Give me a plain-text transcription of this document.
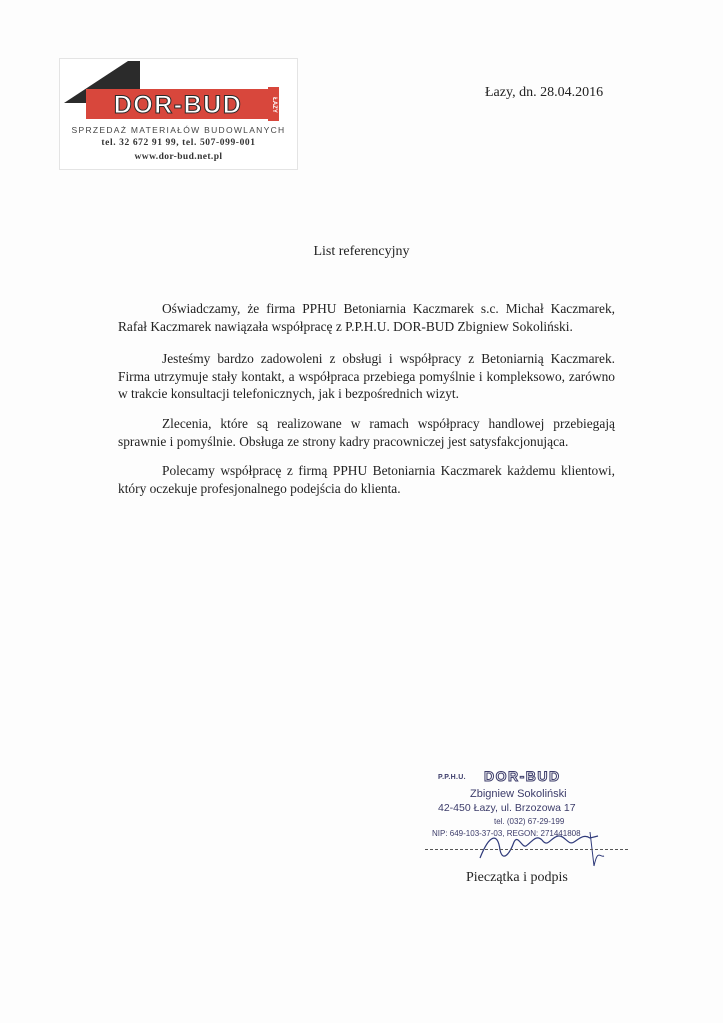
DOR-BUD	ŁAZY
SPRZEDAŻ MATERIAŁÓW BUDOWLANYCH
tel. 32 672 91 99, tel. 507-099-001
www.dor-bud.net.pl
Łazy, dn. 28.04.2016
List referencyjny

Oświadczamy, że firma PPHU Betoniarnia Kaczmarek s.c. Michał Kaczmarek, Rafał Kaczmarek nawiązała współpracę z P.P.H.U. DOR-BUD Zbigniew Sokoliński.

Jesteśmy bardzo zadowoleni z obsługi i współpracy z Betoniarnią Kaczmarek. Firma utrzymuje stały kontakt, a współpraca przebiega pomyślnie i kompleksowo, zarówno w trakcie konsultacji telefonicznych, jak i bezpośrednich wizyt.

Zlecenia, które są realizowane w ramach współpracy handlowej przebiegają sprawnie i pomyślnie. Obsługa ze strony kadry pracowniczej jest satysfakcjonująca.

Polecamy współpracę z firmą PPHU Betoniarnia Kaczmarek każdemu klientowi, który oczekuje profesjonalnego podejścia do klienta.

P.P.H.U. DOR-BUD
Zbigniew Sokoliński
42-450 Łazy, ul. Brzozowa 17
tel. (032) 67-29-199
NIP: 649-103-37-03, REGON: 271441808
Pieczątka i podpis
